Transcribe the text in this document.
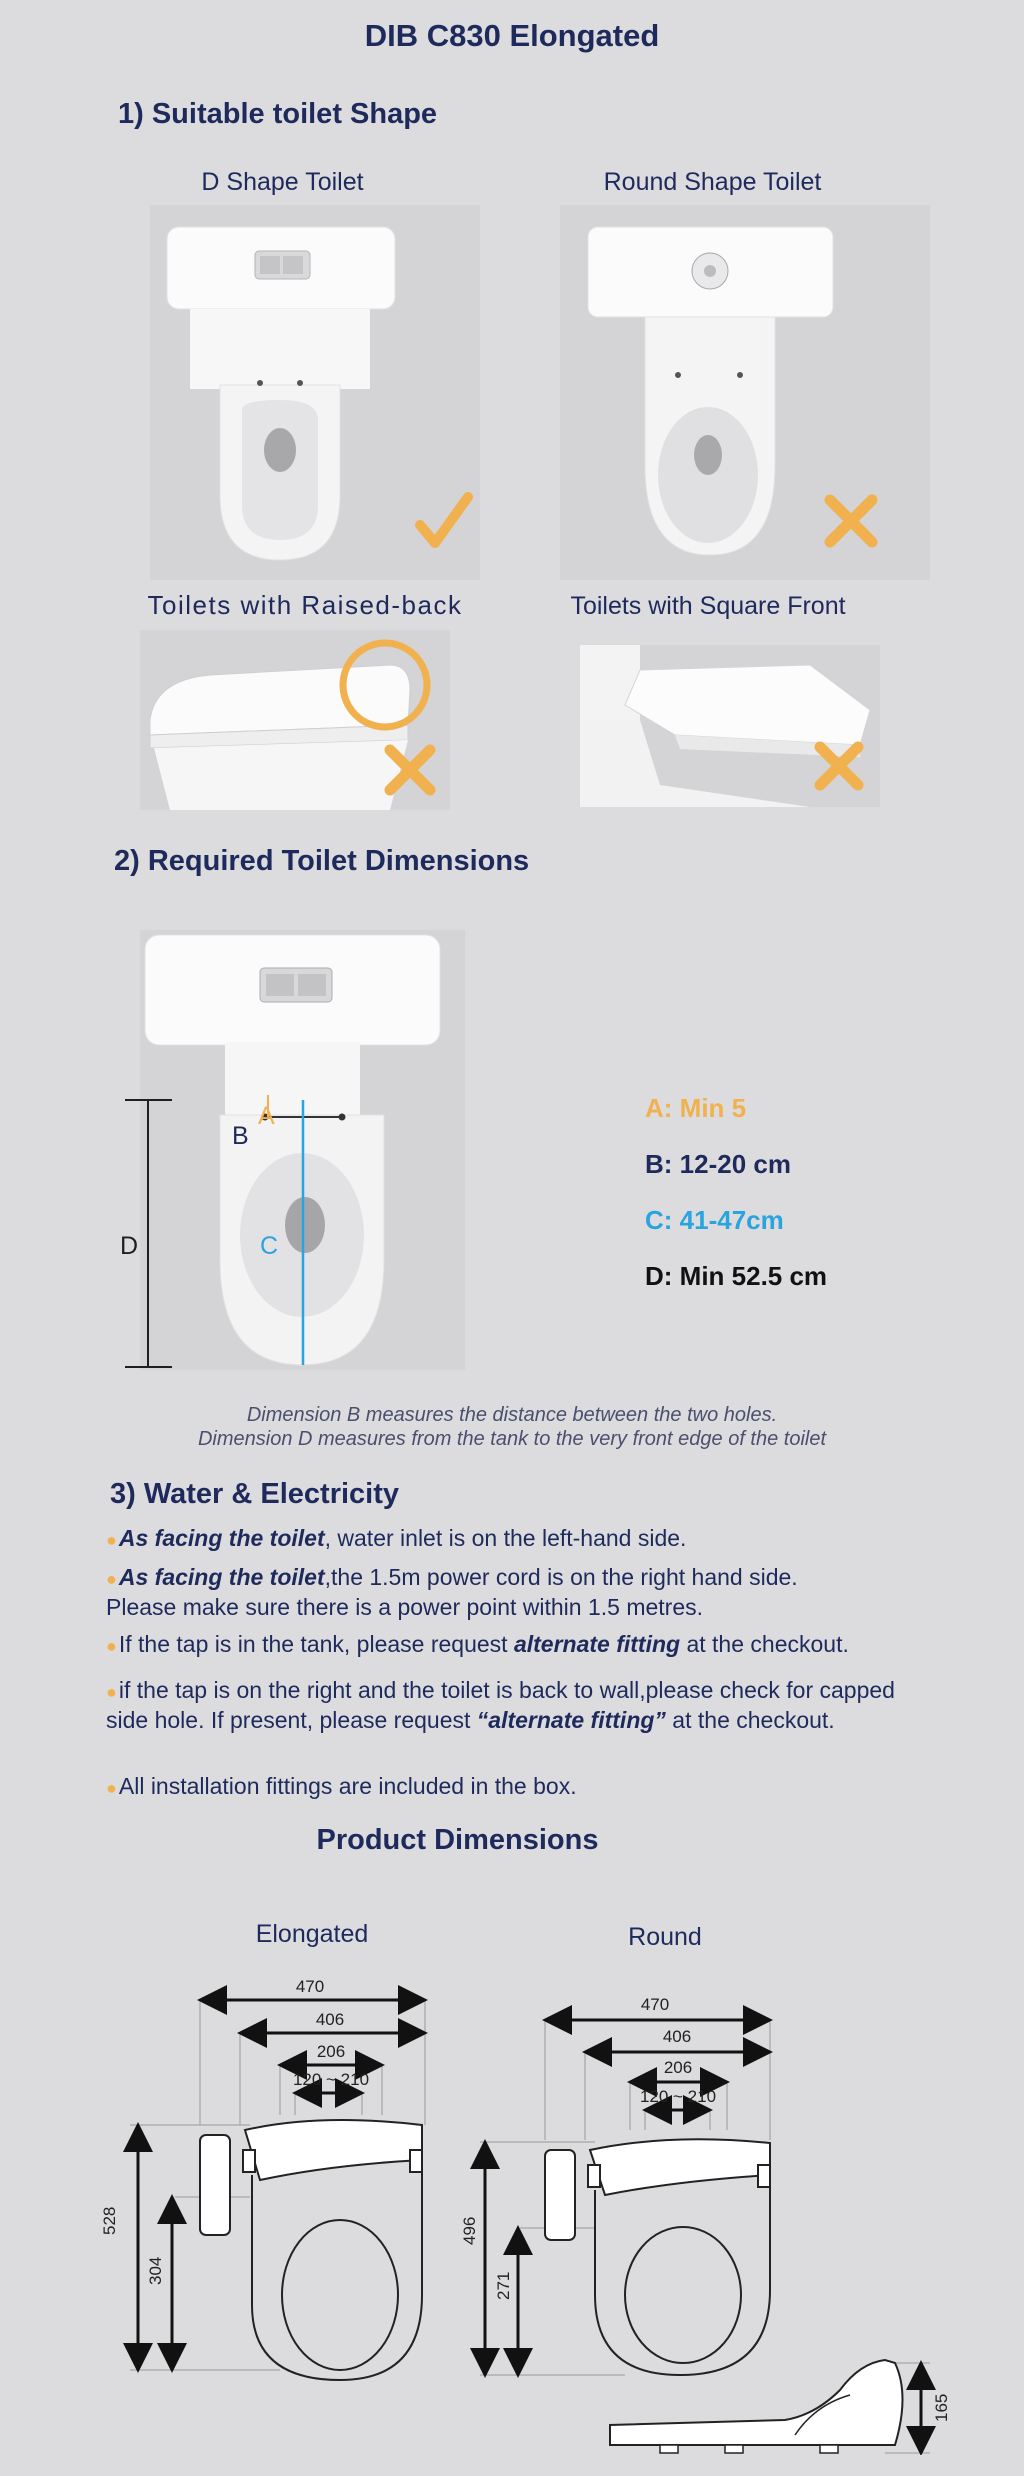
DIB C830 Elongated
1) Suitable toilet Shape
D Shape Toilet	Round Shape Toilet
Toilets with Raised-back	Toilets with Square Front
2) Required Toilet Dimensions
A
B
C
D
A: Min 5
B: 12-20 cm
C: 41-47cm
D: Min 52.5 cm
Dimension B measures the distance between the two holes.
Dimension D measures from the tank to the very front edge of the toilet
3) Water & Electricity
●As facing the toilet, water inlet is on the left-hand side.
●As facing the toilet,the 1.5m power cord is on the right hand side.
Please make sure there is a power point within 1.5 metres.
●If the tap is in the tank, please request alternate fitting at the checkout.
●if the tap is on the right and the toilet is back to wall,please check for capped side hole. If present, please request “alternate fitting” at the checkout.
●All installation fittings are included in the box.
Product Dimensions
Elongated	Round
470
406
206
120 ~ 210
528
304
470
406
206
120 ~ 210
496
271
165
